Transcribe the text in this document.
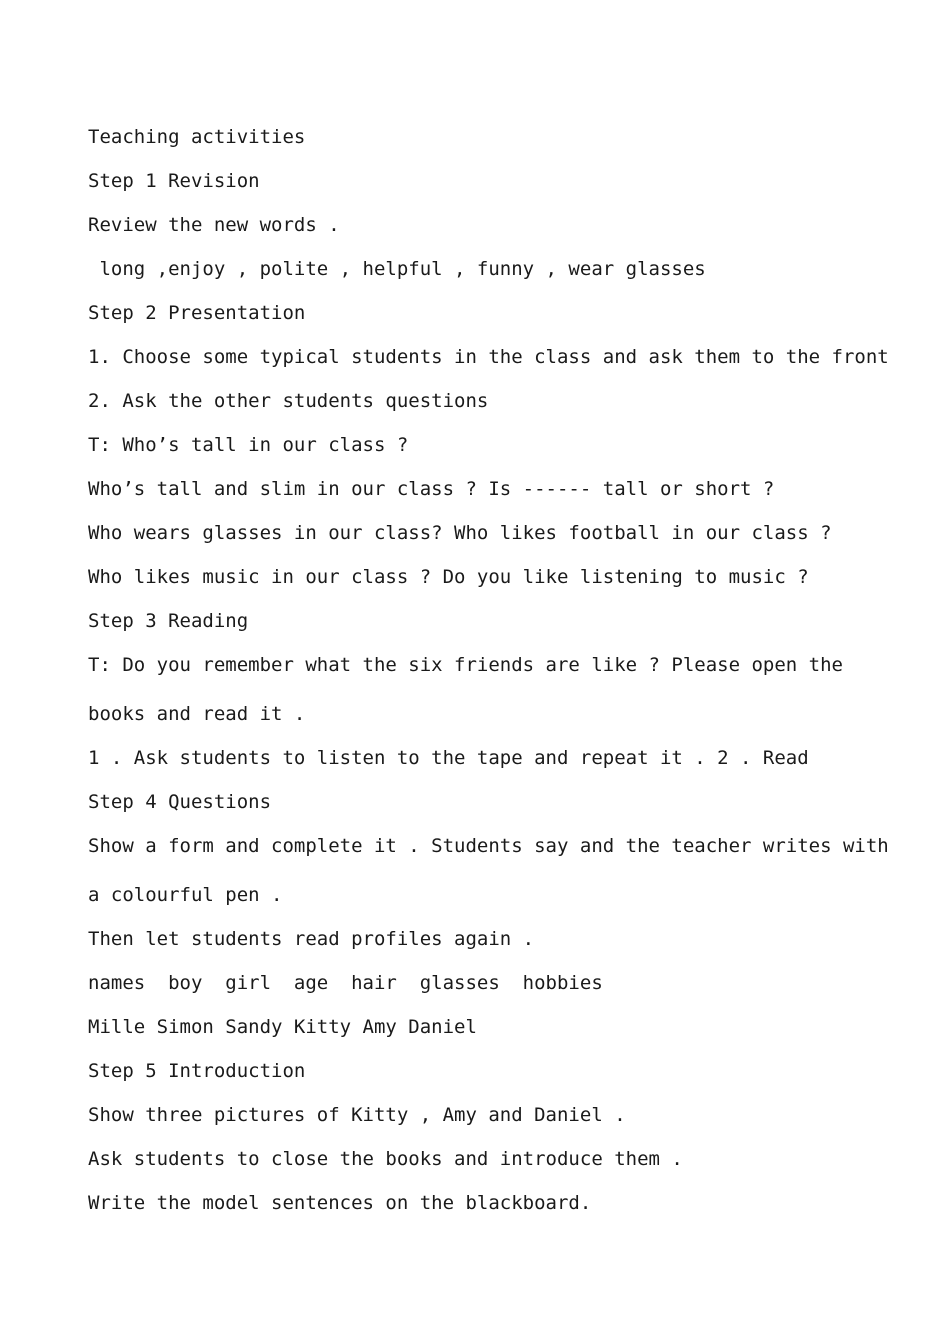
Teaching activities

Step 1 Revision

Review the new words .

long ,enjoy , polite , helpful , funny , wear glasses

Step 2 Presentation

1. Choose some typical students in the class and ask them to the front

2. Ask the other students questions

T: Who’s tall in our class ?

Who’s tall and slim in our class ? Is ------ tall or short ?

Who wears glasses in our class? Who likes football in our class ?

Who likes music in our class ? Do you like listening to music ?

Step 3 Reading

T: Do you remember what the six friends are like ? Please open the

books and read it .

1 . Ask students to listen to the tape and repeat it . 2 . Read

Step 4 Questions

Show a form and complete it . Students say and the teacher writes with

a colourful pen .

Then let students read profiles again .

names  boy  girl  age  hair  glasses  hobbies

Mille Simon Sandy Kitty Amy Daniel

Step 5 Introduction

Show three pictures of Kitty , Amy and Daniel .

Ask students to close the books and introduce them .

Write the model sentences on the blackboard.
